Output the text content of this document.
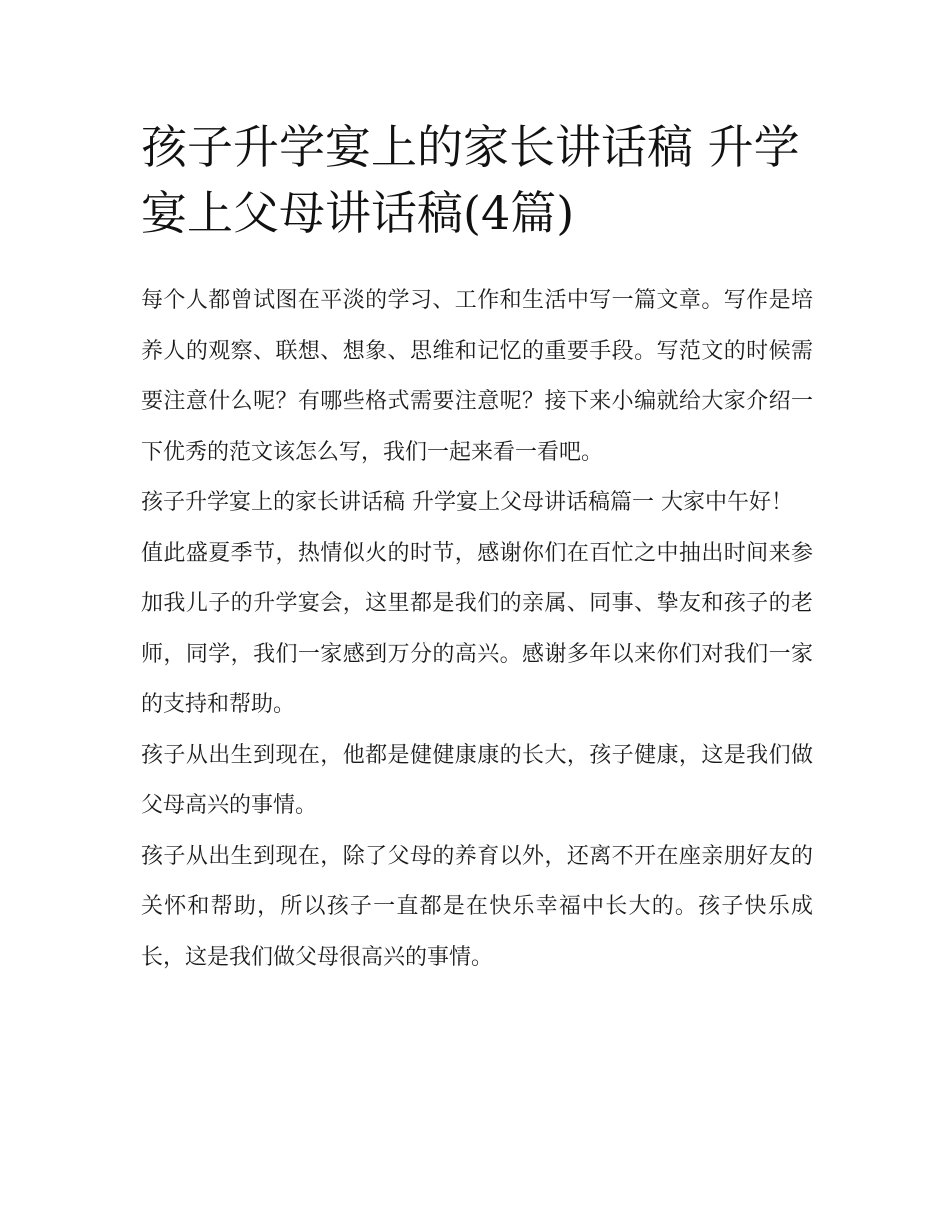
孩子升学宴上的家长讲话稿 升学宴上父母讲话稿(4篇)

每个人都曾试图在平淡的学习、工作和生活中写一篇文章。写作是培养人的观察、联想、想象、思维和记忆的重要手段。写范文的时候需要注意什么呢？有哪些格式需要注意呢？接下来小编就给大家介绍一下优秀的范文该怎么写，我们一起来看一看吧。

孩子升学宴上的家长讲话稿 升学宴上父母讲话稿篇一 大家中午好！

值此盛夏季节，热情似火的时节，感谢你们在百忙之中抽出时间来参加我儿子的升学宴会，这里都是我们的亲属、同事、挚友和孩子的老师，同学，我们一家感到万分的高兴。感谢多年以来你们对我们一家的支持和帮助。

孩子从出生到现在，他都是健健康康的长大，孩子健康，这是我们做父母高兴的事情。

孩子从出生到现在，除了父母的养育以外，还离不开在座亲朋好友的关怀和帮助，所以孩子一直都是在快乐幸福中长大的。孩子快乐成长，这是我们做父母很高兴的事情。
